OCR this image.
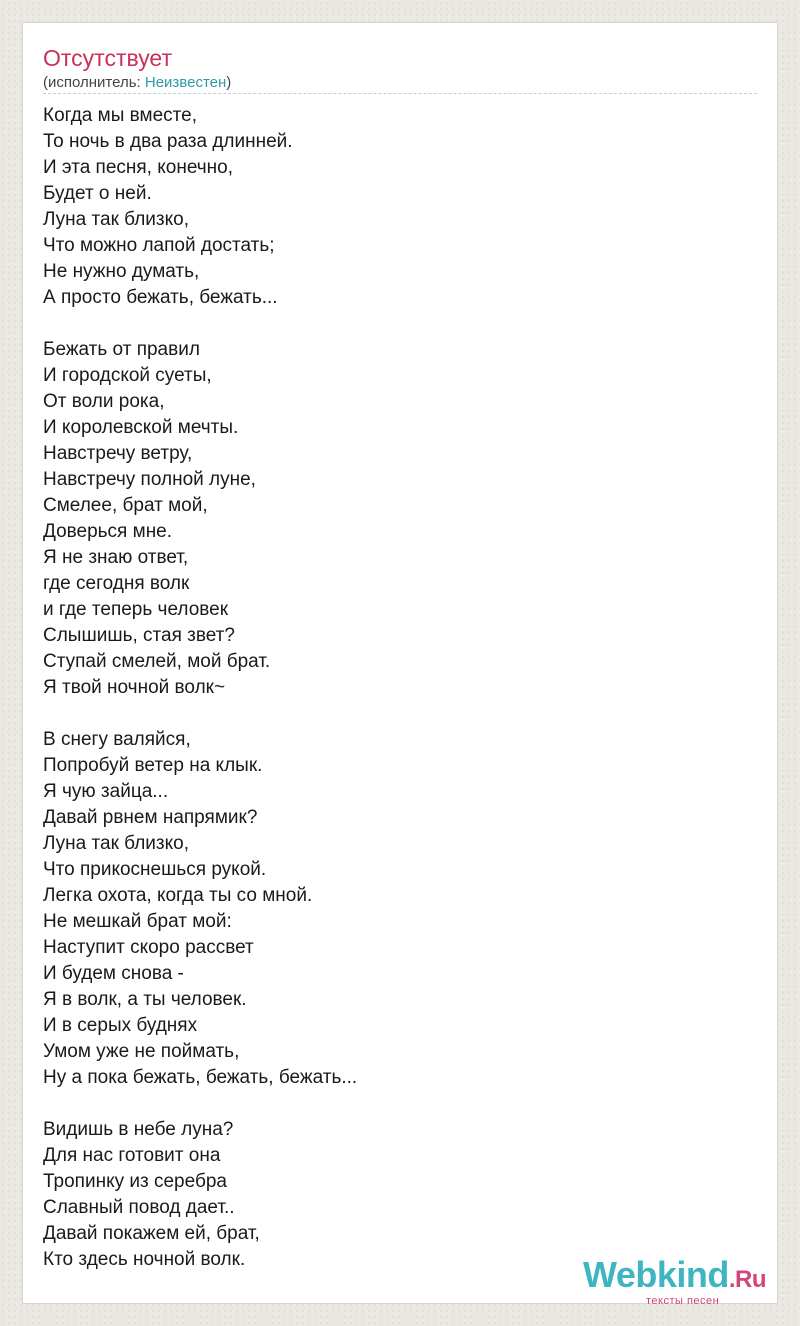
Отсутствует
(исполнитель: Неизвестен)
Когда мы вместе,
То ночь в два раза длинней.
И эта песня, конечно,
Будет о ней.
Луна так близко,
Что можно лапой достать;
Не нужно думать,
А просто бежать, бежать...
Бежать от правил
И городской суеты,
От воли рока,
И королевской мечты.
Навстречу ветру,
Навстречу полной луне,
Смелее, брат мой,
Доверься мне.
Я не знаю ответ,
где сегодня волк
и где теперь человек
Слышишь, стая звет?
Ступай смелей, мой брат.
Я твой ночной волк~
В снегу валяйся,
Попробуй ветер на клык.
Я чую зайца...
Давай рвнем напрямик?
Луна так близко,
Что прикоснешься рукой.
Легка охота, когда ты со мной.
Не мешкай брат мой:
Наступит скоро рассвет
И будем снова -
Я в волк, а ты человек.
И в серых буднях
Умом уже не поймать,
Ну а пока бежать, бежать, бежать...
Видишь в небе луна?
Для нас готовит она
Тропинку из серебра
Славный повод дает..
Давай покажем ей, брат,
Кто здесь ночной волк.	Webkind.Ru
тексты песен
